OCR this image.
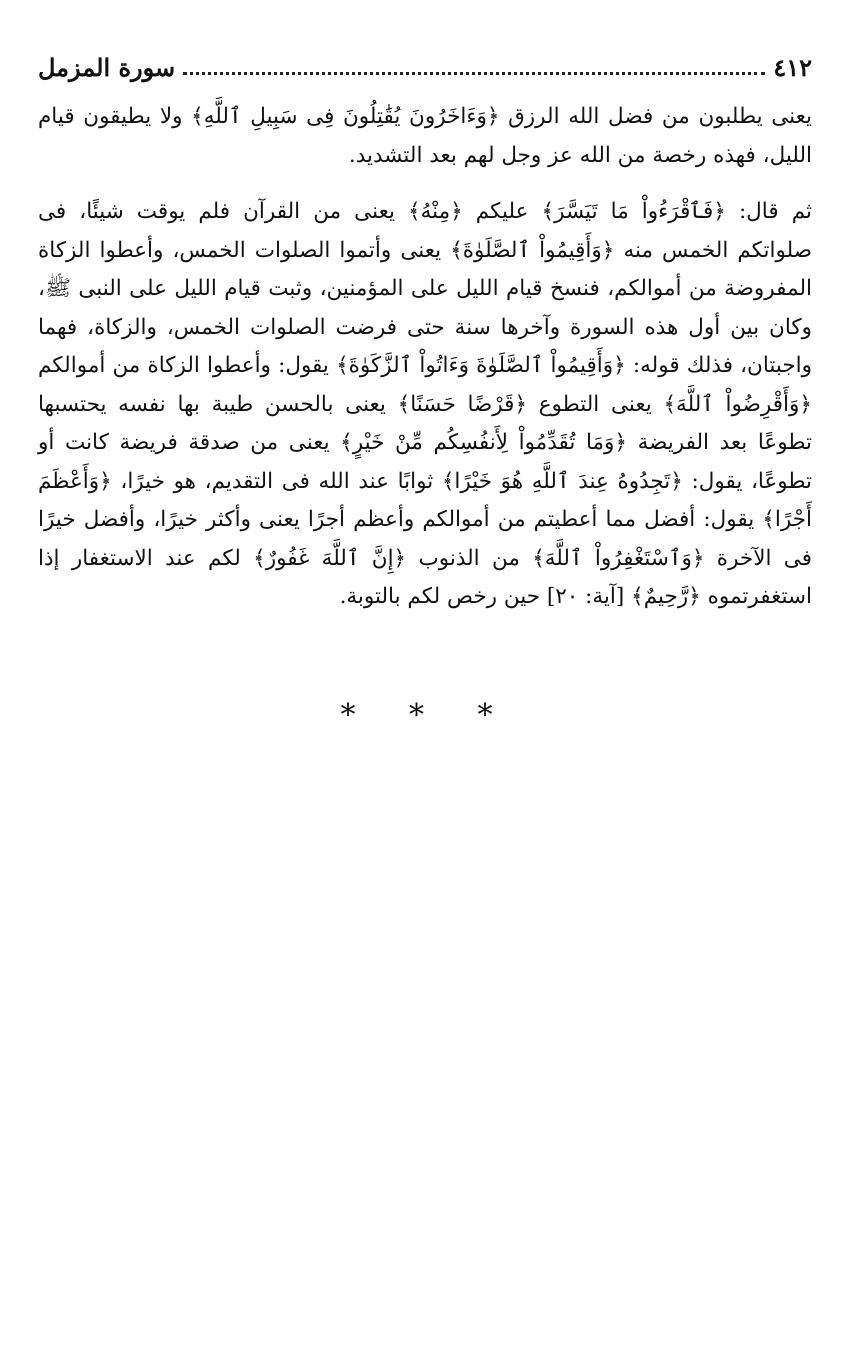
٤١٢
سورة المزمل

يعنى يطلبون من فضل الله الرزق ﴿وَءَاخَرُونَ يُقَٰتِلُونَ فِى سَبِيلِ ٱللَّهِ﴾ ولا يطيقون قيام الليل، فهذه رخصة من الله عز وجل لهم بعد التشديد.

ثم قال: ﴿فَٱقْرَءُواْ مَا تَيَسَّرَ﴾ عليكم ﴿مِنْهُ﴾ يعنى من القرآن فلم يوقت شيئًا، فى صلواتكم الخمس منه ﴿وَأَقِيمُواْ ٱلصَّلَوٰةَ﴾ يعنى وأتموا الصلوات الخمس، وأعطوا الزكاة المفروضة من أموالكم، فنسخ قيام الليل على المؤمنين، وثبت قيام الليل على النبى ﷺ، وكان بين أول هذه السورة وآخرها سنة حتى فرضت الصلوات الخمس، والزكاة، فهما واجبتان، فذلك قوله: ﴿وَأَقِيمُواْ ٱلصَّلَوٰةَ وَءَاتُواْ ٱلزَّكَوٰةَ﴾ يقول: وأعطوا الزكاة من أموالكم ﴿وَأَقْرِضُواْ ٱللَّهَ﴾ يعنى التطوع ﴿قَرْضًا حَسَنًا﴾ يعنى بالحسن طيبة بها نفسه يحتسبها تطوعًا بعد الفريضة ﴿وَمَا تُقَدِّمُواْ لِأَنفُسِكُم مِّنْ خَيْرٍ﴾ يعنى من صدقة فريضة كانت أو تطوعًا، يقول: ﴿تَجِدُوهُ عِندَ ٱللَّهِ هُوَ خَيْرًا﴾ ثوابًا عند الله فى التقديم، هو خيرًا، ﴿وَأَعْظَمَ أَجْرًا﴾ يقول: أفضل مما أعطيتم من أموالكم وأعظم أجرًا يعنى وأكثر خيرًا، وأفضل خيرًا فى الآخرة ﴿وَٱسْتَغْفِرُواْ ٱللَّهَ﴾ من الذنوب ﴿إِنَّ ٱللَّهَ غَفُورٌ﴾ لكم عند الاستغفار إذا استغفرتموه ﴿رَّحِيمٌ﴾ [آية: ٢٠] حين رخص لكم بالتوبة.

* * *
